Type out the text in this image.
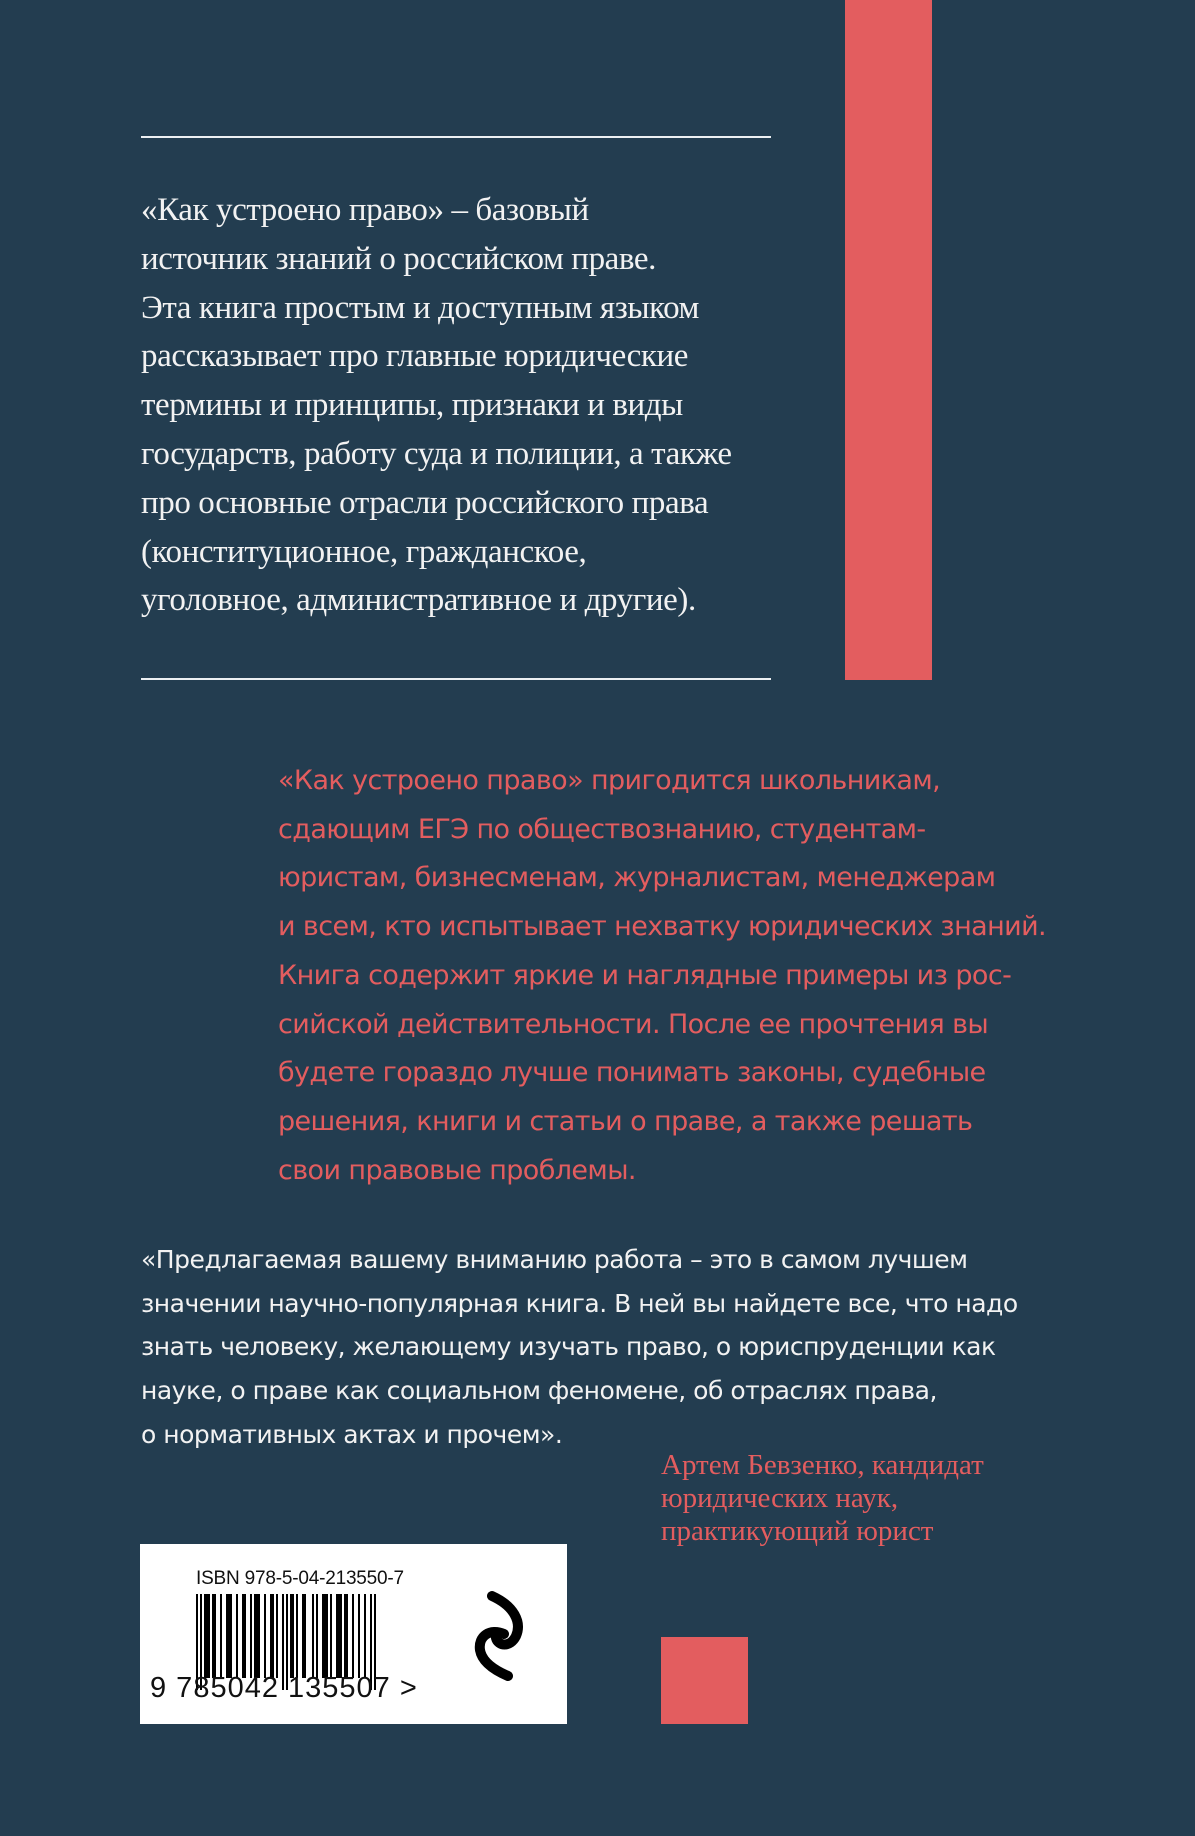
«Как устроено право» – базовый
источник знаний о российском праве.
Эта книга простым и доступным языком
рассказывает про главные юридические
термины и принципы, признаки и виды
государств, работу суда и полиции, а также
про основные отрасли российского права
(конституционное, гражданское,
уголовное, административное и другие).
«Как устроено право» пригодится школьникам,
сдающим ЕГЭ по обществознанию, студентам-
юристам, бизнесменам, журналистам, менеджерам
и всем, кто испытывает нехватку юридических знаний.
Книга содержит яркие и наглядные примеры из рос-
сийской действительности. После ее прочтения вы
будете гораздо лучше понимать законы, судебные
решения, книги и статьи о праве, а также решать
свои правовые проблемы.
«Предлагаемая вашему вниманию работа – это в самом лучшем
значении научно-популярная книга. В ней вы найдете все, что надо
знать человеку, желающему изучать право, о юриспруденции как
науке, о праве как социальном феномене, об отраслях права,
о нормативных актах и прочем».
Артем Бевзенко, кандидат
юридических наук,
практикующий юрист
ISBN 978-5-04-213550-7
9 785042 135507 >
